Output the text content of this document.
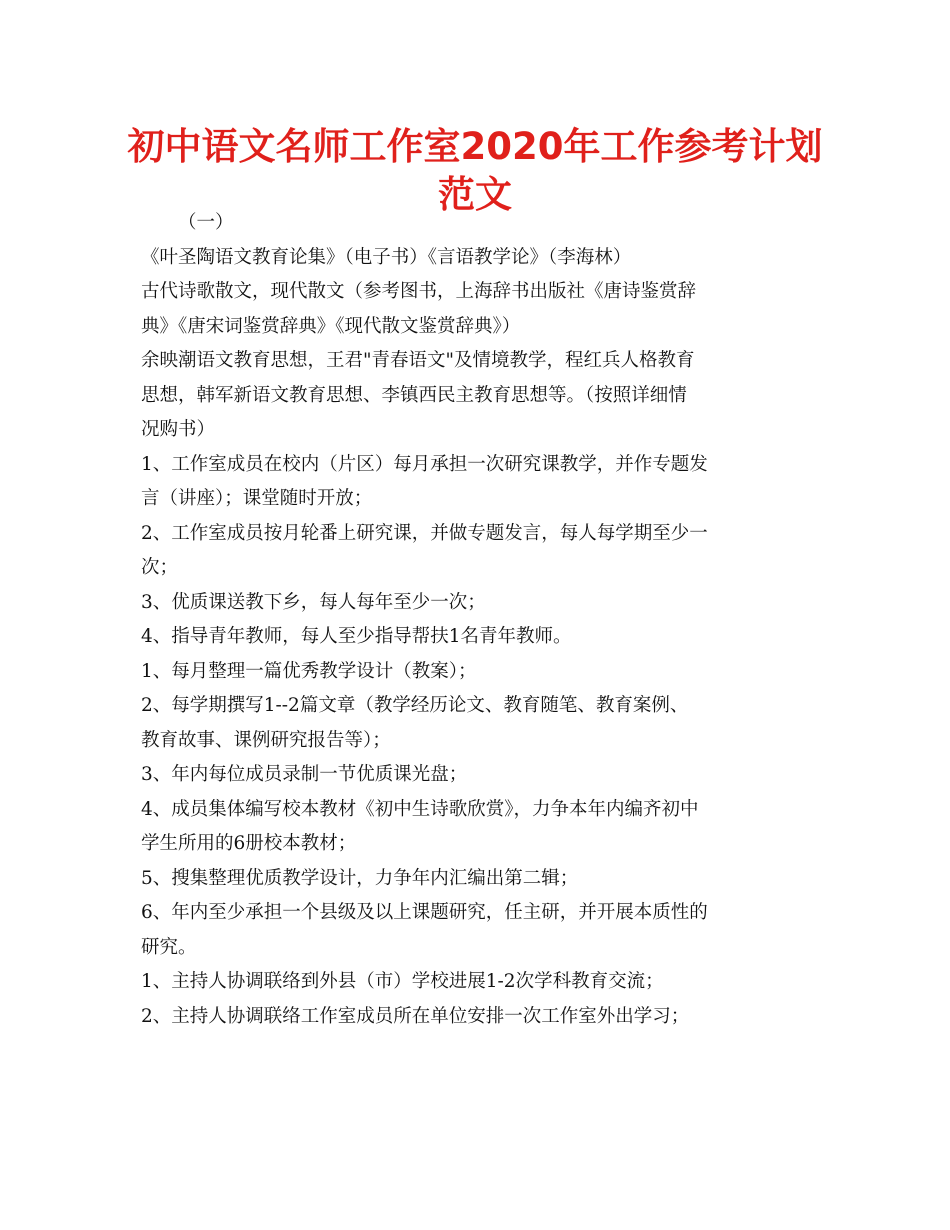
初中语文名师工作室2020年工作参考计划
范文
（一）
《叶圣陶语文教育论集》（电子书）《言语教学论》（李海林）
古代诗歌散文，现代散文（参考图书，上海辞书出版社《唐诗鉴赏辞
典》《唐宋词鉴赏辞典》《现代散文鉴赏辞典》）
余映潮语文教育思想，王君"青春语文"及情境教学，程红兵人格教育
思想，韩军新语文教育思想、李镇西民主教育思想等。（按照详细情
况购书）
1、工作室成员在校内（片区）每月承担一次研究课教学，并作专题发
言（讲座）；课堂随时开放；
2、工作室成员按月轮番上研究课，并做专题发言，每人每学期至少一
次；
3、优质课送教下乡，每人每年至少一次；
4、指导青年教师，每人至少指导帮扶1名青年教师。
1、每月整理一篇优秀教学设计（教案）；
2、每学期撰写1--2篇文章（教学经历论文、教育随笔、教育案例、
教育故事、课例研究报告等）；
3、年内每位成员录制一节优质课光盘；
4、成员集体编写校本教材《初中生诗歌欣赏》，力争本年内编齐初中
学生所用的6册校本教材；
5、搜集整理优质教学设计，力争年内汇编出第二辑；
6、年内至少承担一个县级及以上课题研究，任主研，并开展本质性的
研究。
1、主持人协调联络到外县（市）学校进展1-2次学科教育交流；
2、主持人协调联络工作室成员所在单位安排一次工作室外出学习；
